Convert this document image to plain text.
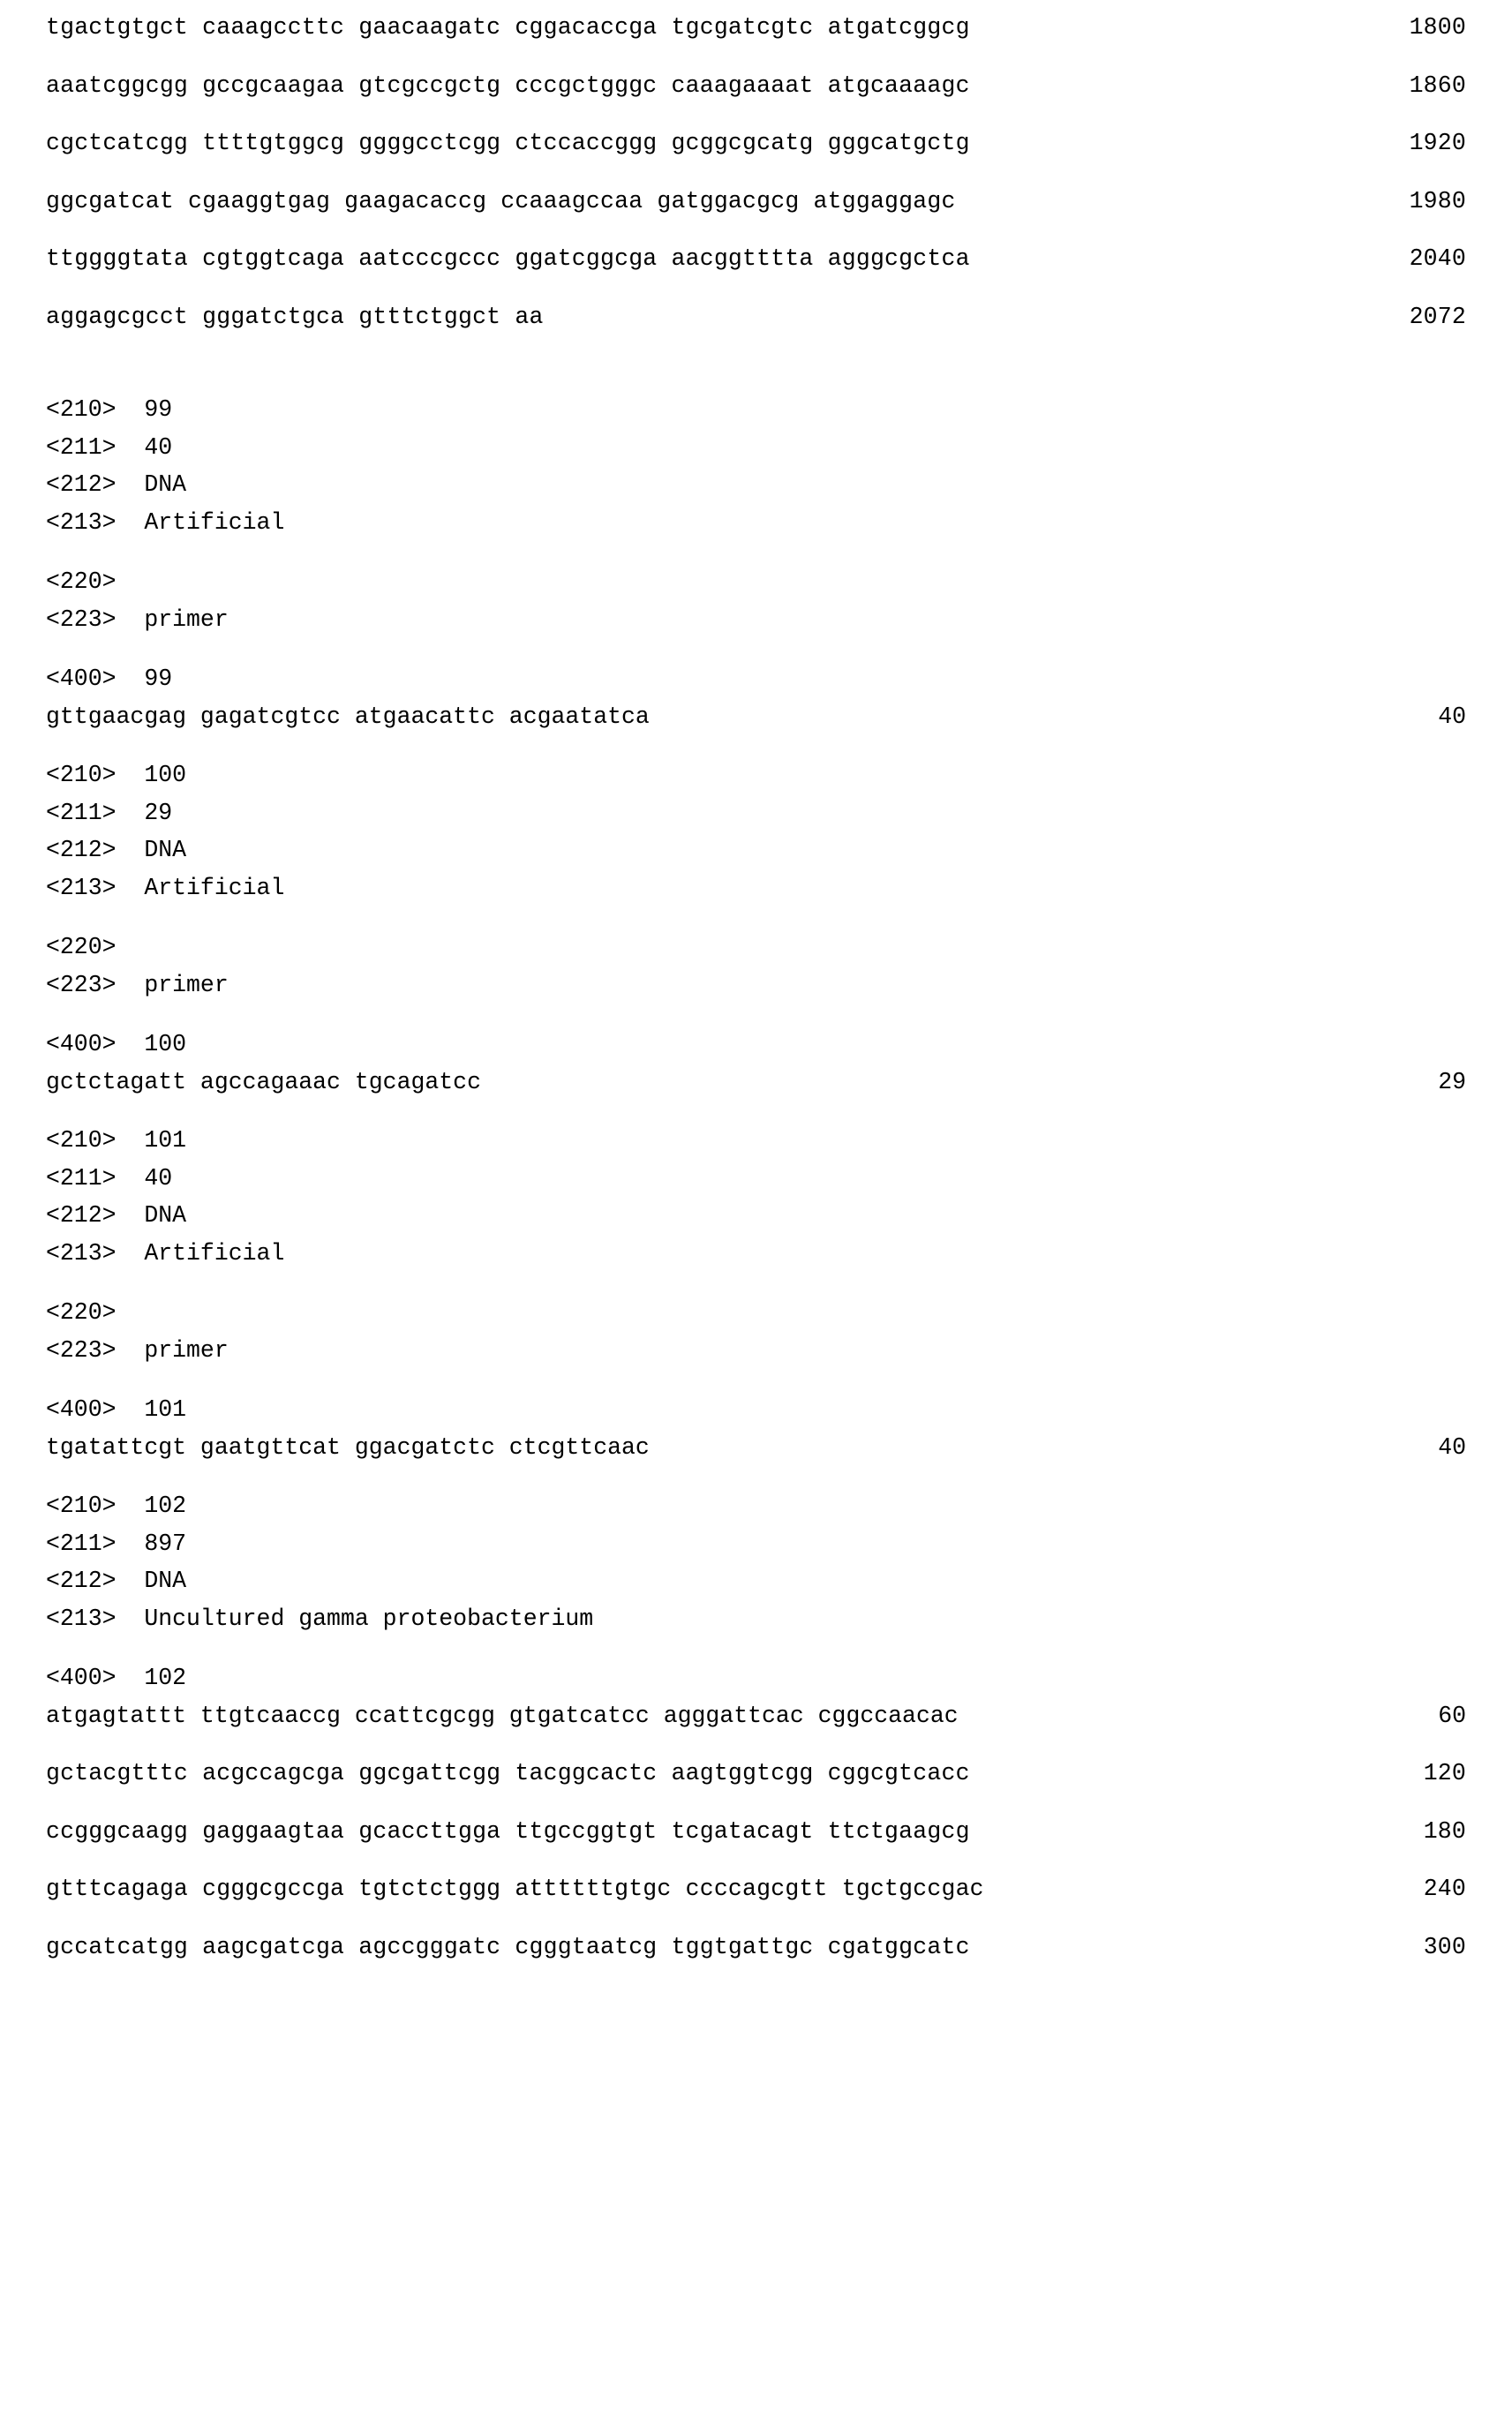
tgactgtgct caaagccttc gaacaagatc cggacaccga tgcgatcgtc atgatcggcg	1800
aaatcggcgg gccgcaagaa gtcgccgctg cccgctgggc caaagaaaat atgcaaaagc	1860
cgctcatcgg ttttgtggcg ggggcctcgg ctccaccggg gcggcgcatg gggcatgctg	1920
ggcgatcat cgaaggtgag gaagacaccg ccaaagccaa gatggacgcg atggaggagc	1980
ttggggtata cgtggtcaga aatcccgccc ggatcggcga aacggtttta agggcgctca	2040
aggagcgcct gggatctgca gtttctggct aa	2072
<210>  99
<211>  40
<212>  DNA
<213>  Artificial
<220>
<223>  primer
<400>  99
gttgaacgag gagatcgtcc atgaacattc acgaatatca	40
<210>  100
<211>  29
<212>  DNA
<213>  Artificial
<220>
<223>  primer
<400>  100
gctctagatt agccagaaac tgcagatcc	29
<210>  101
<211>  40
<212>  DNA
<213>  Artificial
<220>
<223>  primer
<400>  101
tgatattcgt gaatgttcat ggacgatctc ctcgttcaac	40
<210>  102
<211>  897
<212>  DNA
<213>  Uncultured gamma proteobacterium
<400>  102
atgagtattt ttgtcaaccg ccattcgcgg gtgatcatcc agggattcac cggccaacac	60
gctacgtttc acgccagcga ggcgattcgg tacggcactc aagtggtcgg cggcgtcacc	120
ccgggcaagg gaggaagtaa gcaccttgga ttgccggtgt tcgatacagt ttctgaagcg	180
gtttcagaga cgggcgccga tgtctctggg attttttgtgc ccccagcgtt tgctgccgac	240
gccatcatgg aagcgatcga agccgggatc cgggtaatcg tggtgattgc cgatggcatc	300
